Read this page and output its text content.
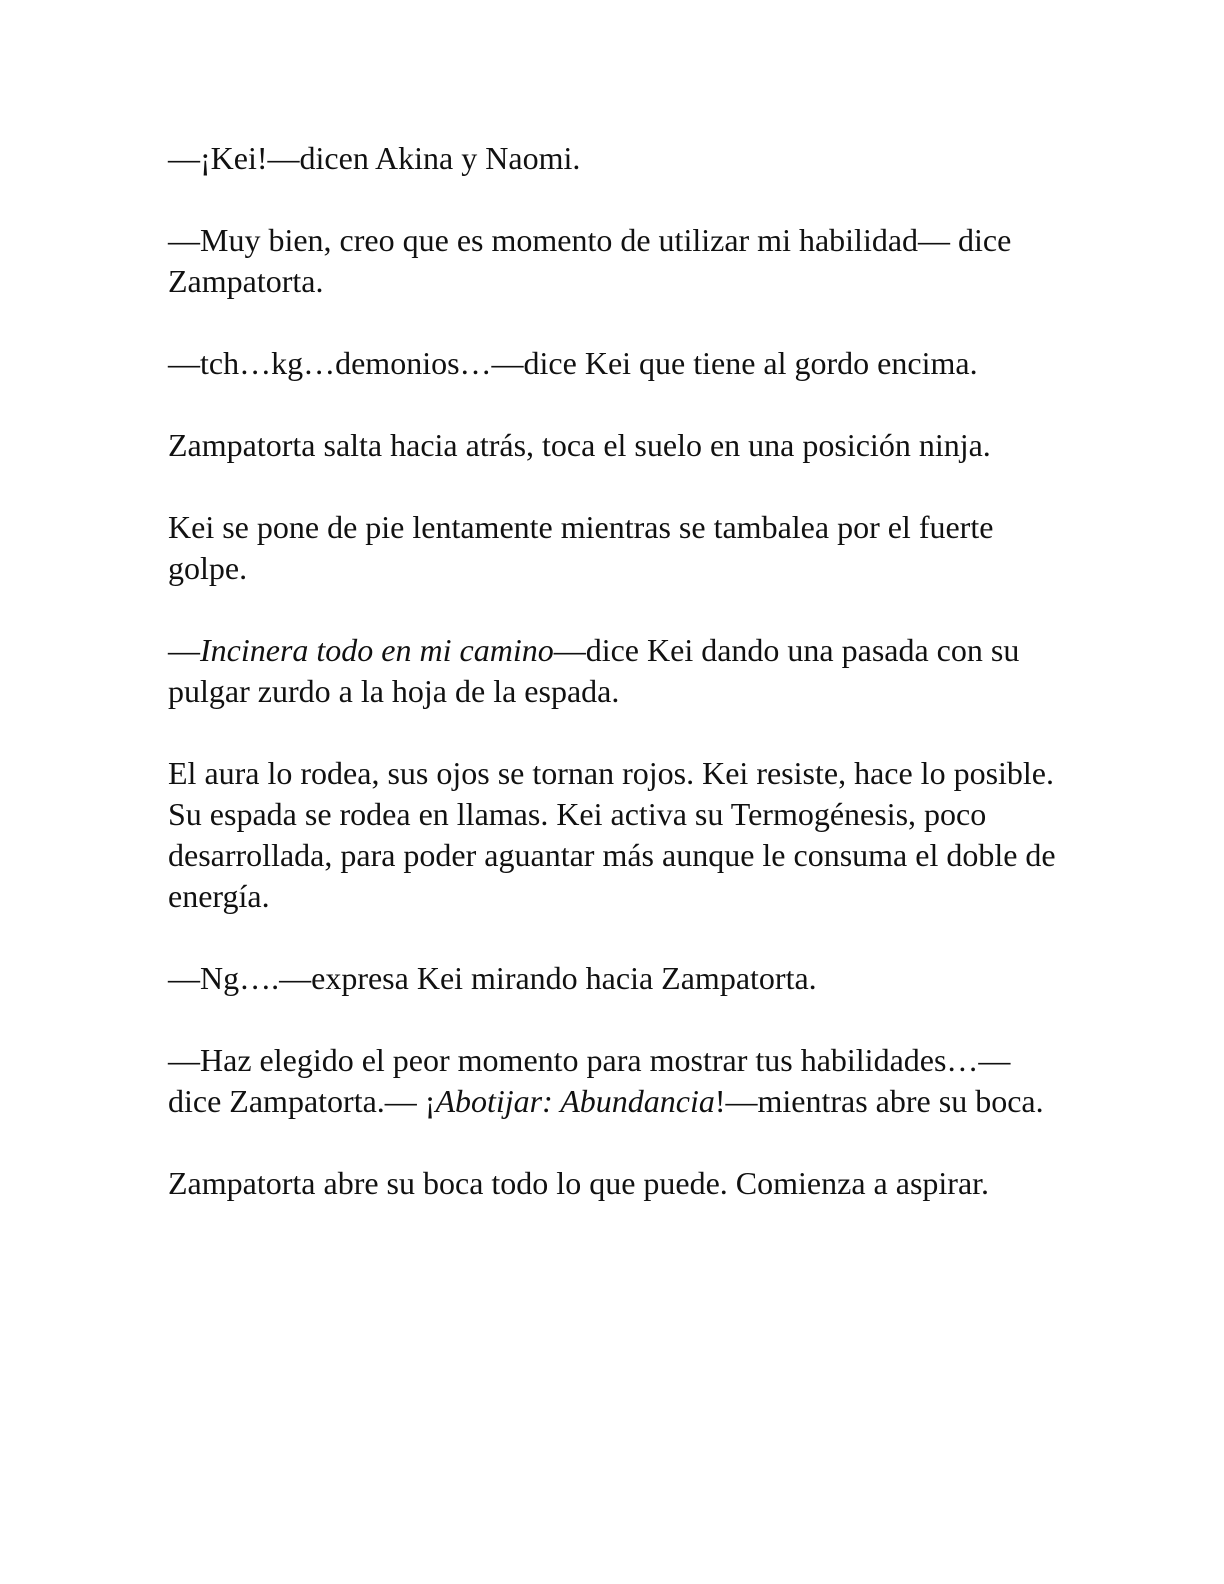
—¡Kei!—dicen Akina y Naomi.

—Muy bien, creo que es momento de utilizar mi habilidad— dice Zampatorta.

—tch…kg…demonios…—dice Kei que tiene al gordo encima.

Zampatorta salta hacia atrás, toca el suelo en una posición ninja.

Kei se pone de pie lentamente mientras se tambalea por el fuerte golpe.

—Incinera todo en mi camino—dice Kei dando una pasada con su pulgar zurdo a la hoja de la espada.

El aura lo rodea, sus ojos se tornan rojos. Kei resiste, hace lo posible. Su espada se rodea en llamas. Kei activa su Termogénesis, poco desarrollada, para poder aguantar más aunque le consuma el doble de energía.

—Ng….—expresa Kei mirando hacia Zampatorta.

—Haz elegido el peor momento para mostrar tus habilidades…—dice Zampatorta.— ¡Abotijar: Abundancia!—mientras abre su boca.

Zampatorta abre su boca todo lo que puede. Comienza a aspirar.
